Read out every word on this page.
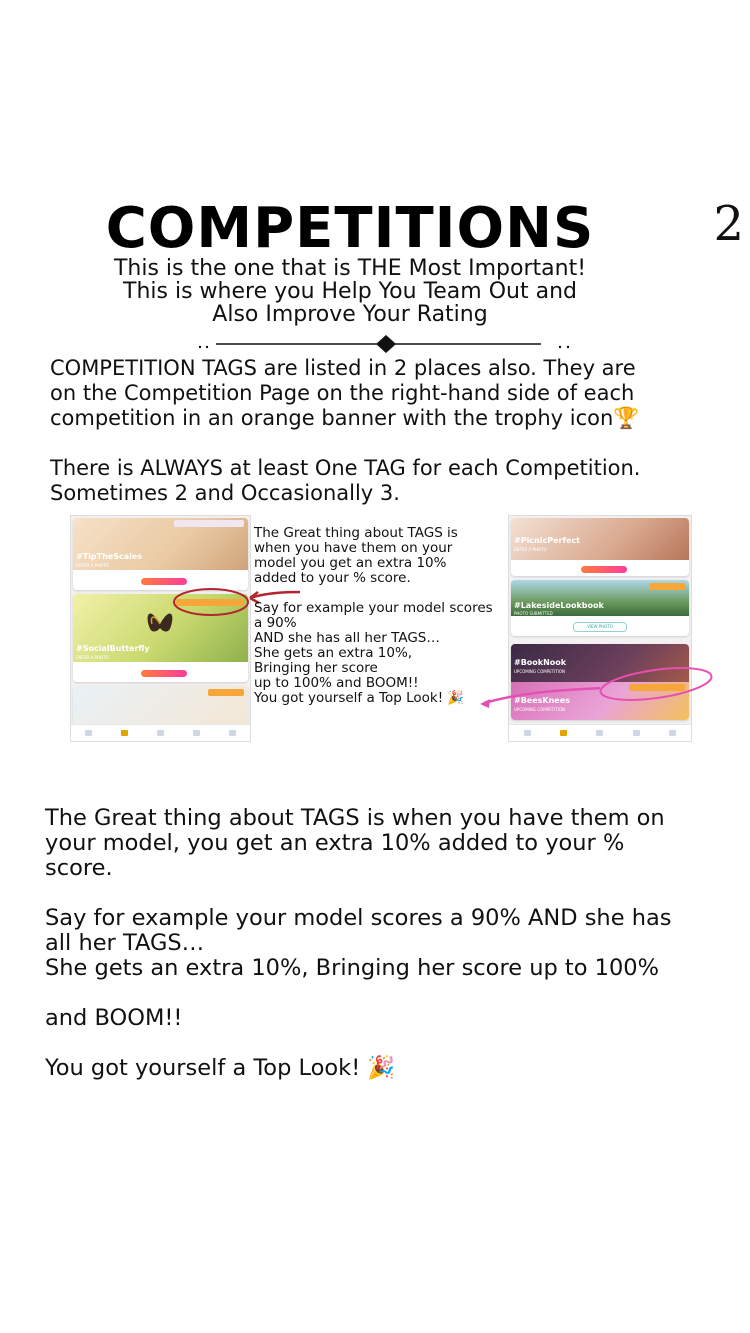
2
COMPETITIONS
This is the one that is THE Most Important!
This is where you Help You Team Out and
Also Improve Your Rating
COMPETITION TAGS are listed in 2 places also. They are
on the Competition Page on the right-hand side of each
competition in an orange banner with the trophy icon🏆
There is ALWAYS at least One TAG for each Competition.
Sometimes 2 and Occasionally 3.
#TipTheScales
ENTER A PHOTO
#SocialButterfly
ENTER A PHOTO
#PicnicPerfect
ENTER A PHOTO
#LakesideLookbook
PHOTO SUBMITTED
VIEW PHOTO
#BookNook
UPCOMING COMPETITION
#BeesKnees
UPCOMING COMPETITION
The Great thing about TAGS is
when you have them on your
model you get an extra 10%
added to your % score.

Say for example your model scores
a 90%
AND she has all her TAGS…
She gets an extra 10%,
Bringing her score
up to 100% and BOOM!!
You got yourself a Top Look! 🎉

The Great thing about TAGS is when you have them on
your model, you get an extra 10% added to your %
score.

Say for example your model scores a 90% AND she has
all her TAGS…
She gets an extra 10%, Bringing her score up to 100%

and BOOM!!

You got yourself a Top Look! 🎉
